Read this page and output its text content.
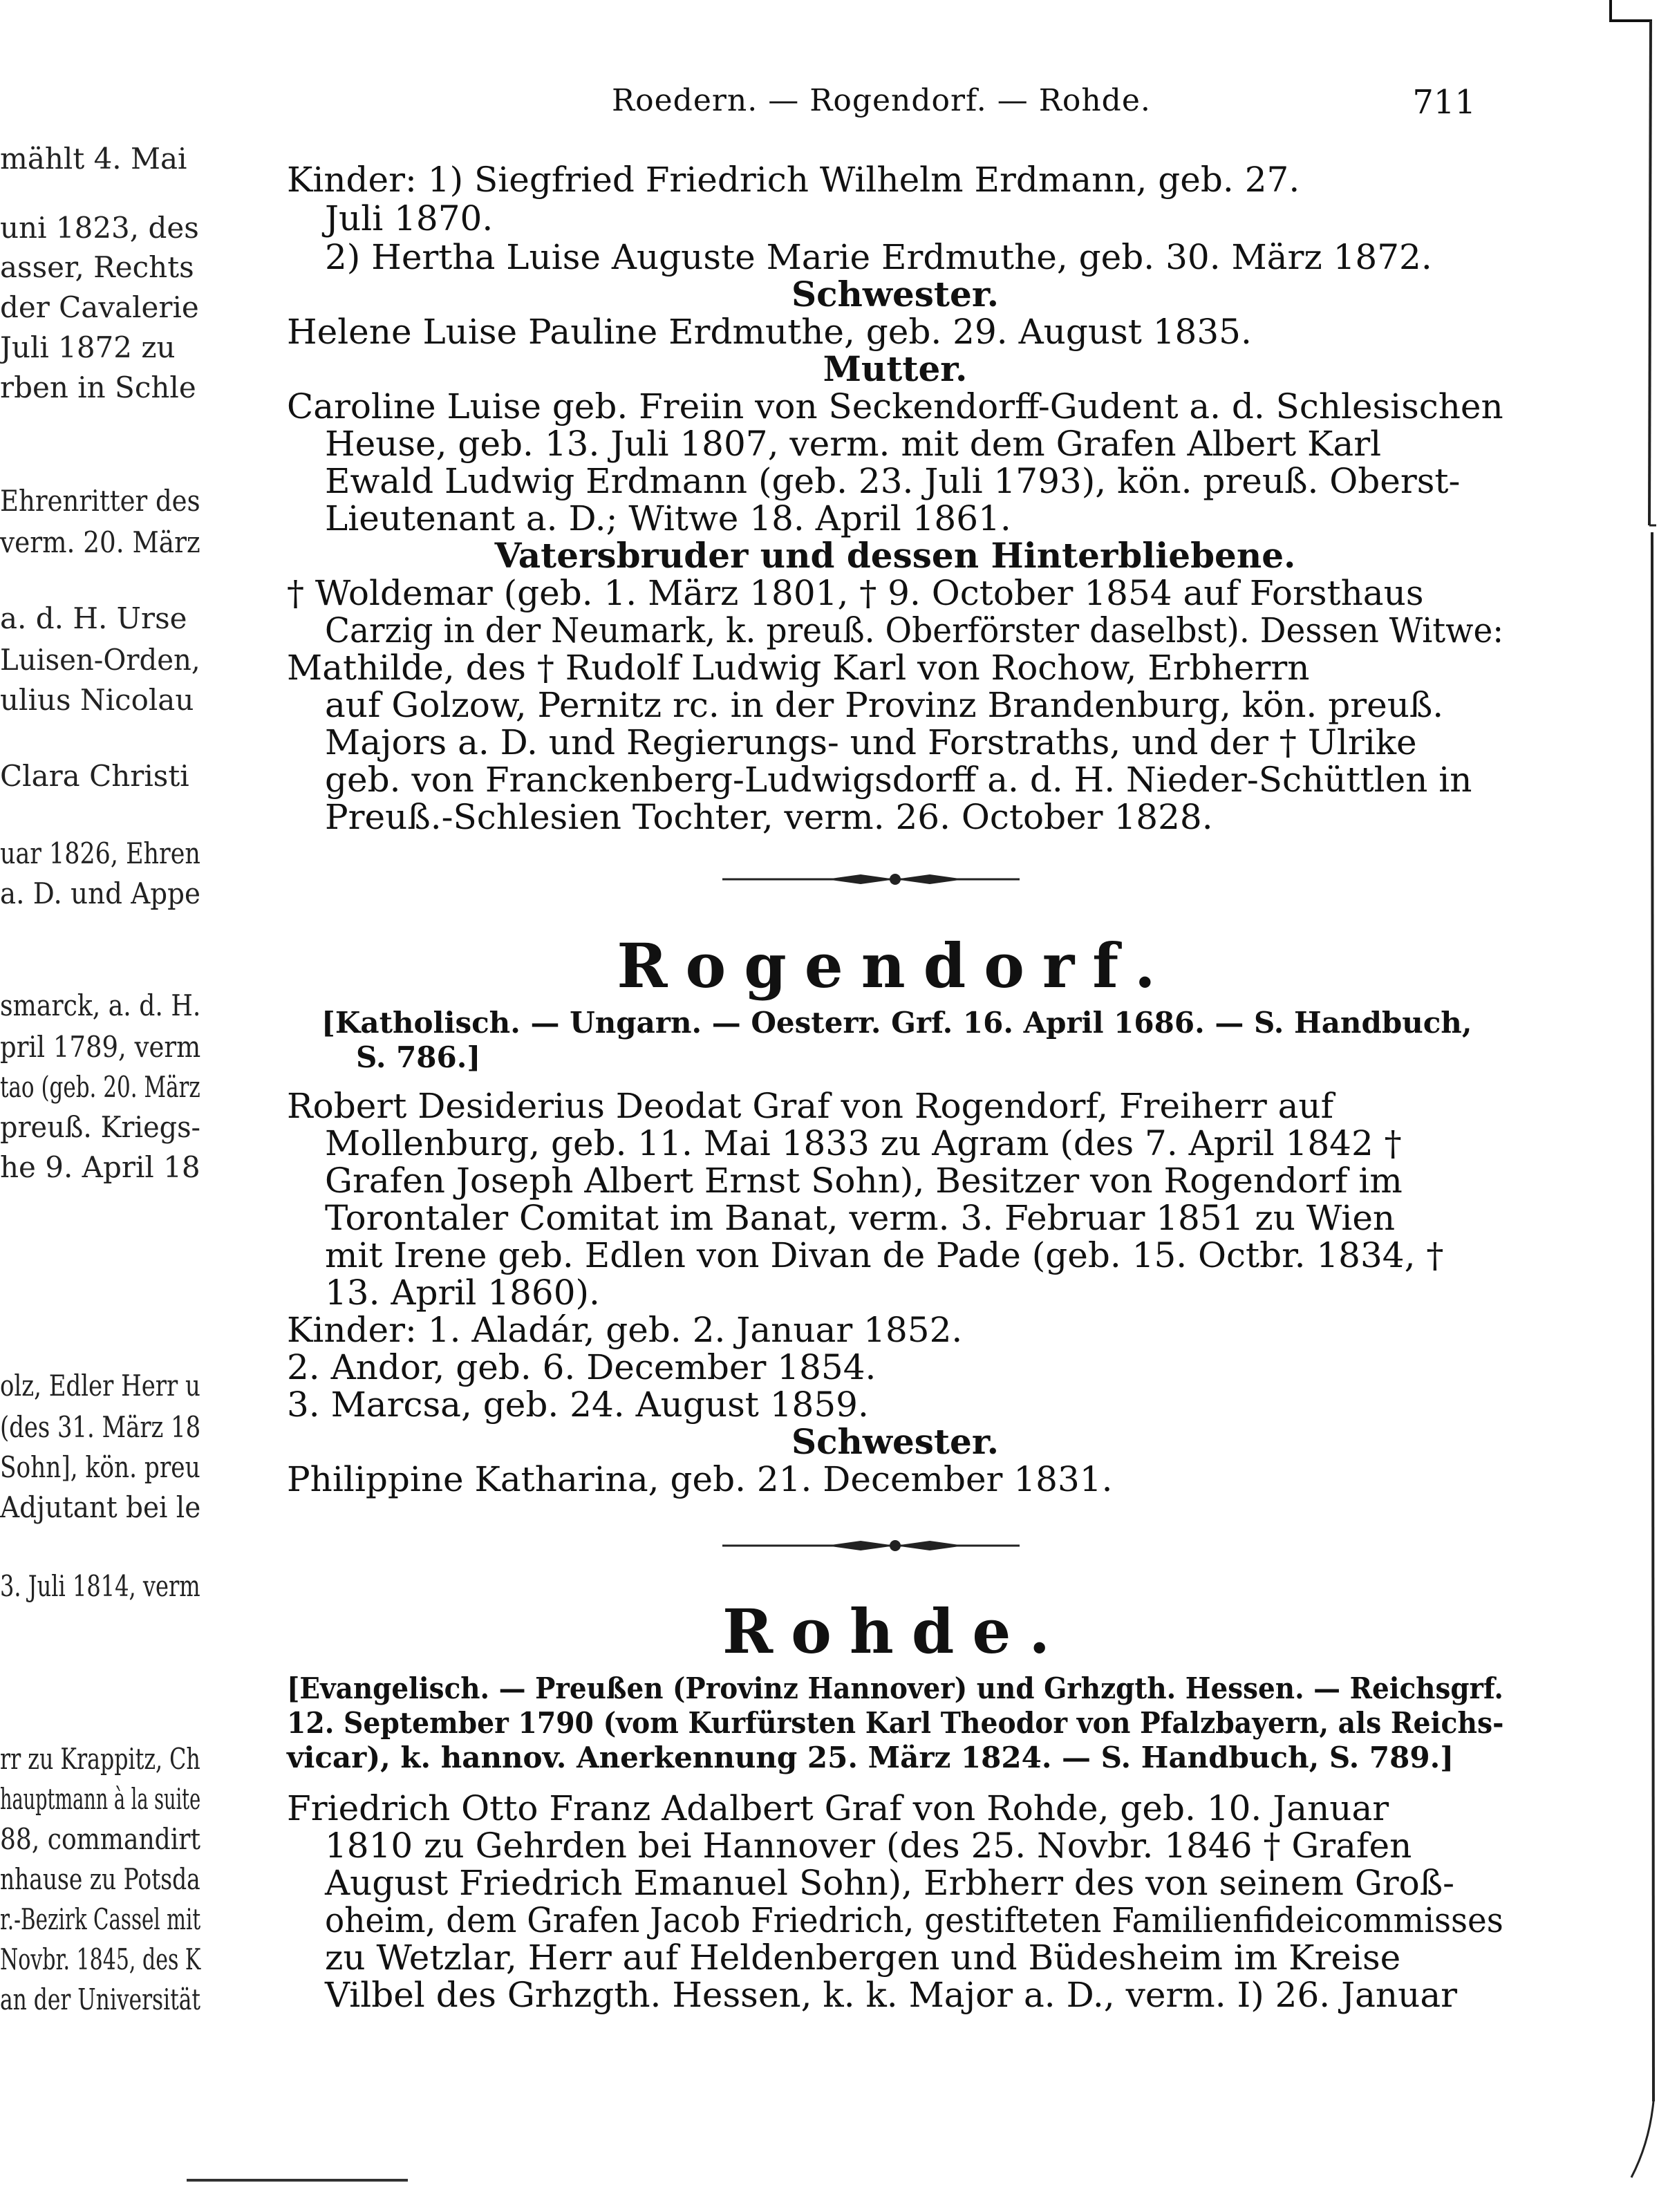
mählt 4. Mai
uni 1823, des
asser, Rechts
der Cavalerie
Juli 1872 zu
rben in Schle
Ehrenritter des
verm. 20. März
a. d. H. Urse
Luisen-Orden,
ulius Nicolau
Clara Christi
uar 1826, Ehren
a. D. und Appe
smarck, a. d. H.
pril 1789, verm
tao (geb. 20. März
preuß. Kriegs-
he 9. April 18
olz, Edler Herr u
(des 31. März 18
Sohn], kön. preu
Adjutant bei le
3. Juli 1814, verm
rr zu Krappitz, Ch
hauptmann à la suite
88, commandirt
nhause zu Potsda
r.-Bezirk Cassel mit
Novbr. 1845, des K
an der Universität
Roedern. — Rogendorf. — Rohde.	711
Kinder: 1) Siegfried Friedrich Wilhelm Erdmann, geb. 27.
Juli 1870.
2) Hertha Luise Auguste Marie Erdmuthe, geb. 30. März 1872.
Schwester.
Helene Luise Pauline Erdmuthe, geb. 29. August 1835.
Mutter.
Caroline Luise geb. Freiin von Seckendorff-Gudent a. d. Schlesischen
Heuse, geb. 13. Juli 1807, verm. mit dem Grafen Albert Karl
Ewald Ludwig Erdmann (geb. 23. Juli 1793), kön. preuß. Oberst-
Lieutenant a. D.; Witwe 18. April 1861.
Vatersbruder und dessen Hinterbliebene.
† Woldemar (geb. 1. März 1801, † 9. October 1854 auf Forsthaus
Carzig in der Neumark, k. preuß. Oberförster daselbst). Dessen Witwe:
Mathilde, des † Rudolf Ludwig Karl von Rochow, Erbherrn
auf Golzow, Pernitz rc. in der Provinz Brandenburg, kön. preuß.
Majors a. D. und Regierungs- und Forstraths, und der † Ulrike
geb. von Franckenberg-Ludwigsdorff a. d. H. Nieder-Schüttlen in
Preuß.-Schlesien Tochter, verm. 26. October 1828.
Rogendorf.
[Katholisch. — Ungarn. — Oesterr. Grf. 16. April 1686. — S. Handbuch,
S. 786.]
Robert Desiderius Deodat Graf von Rogendorf, Freiherr auf
Mollenburg, geb. 11. Mai 1833 zu Agram (des 7. April 1842 †
Grafen Joseph Albert Ernst Sohn), Besitzer von Rogendorf im
Torontaler Comitat im Banat, verm. 3. Februar 1851 zu Wien
mit Irene geb. Edlen von Divan de Pade (geb. 15. Octbr. 1834, †
13. April 1860).
Kinder: 1. Aladár, geb. 2. Januar 1852.
2. Andor, geb. 6. December 1854.
3. Marcsa, geb. 24. August 1859.
Schwester.
Philippine Katharina, geb. 21. December 1831.
Rohde.
[Evangelisch. — Preußen (Provinz Hannover) und Grhzgth. Hessen. — Reichsgrf.
12. September 1790 (vom Kurfürsten Karl Theodor von Pfalzbayern, als Reichs-
vicar), k. hannov. Anerkennung 25. März 1824. — S. Handbuch, S. 789.]
Friedrich Otto Franz Adalbert Graf von Rohde, geb. 10. Januar
1810 zu Gehrden bei Hannover (des 25. Novbr. 1846 † Grafen
August Friedrich Emanuel Sohn), Erbherr des von seinem Groß-
oheim, dem Grafen Jacob Friedrich, gestifteten Familienfideicommisses
zu Wetzlar, Herr auf Heldenbergen und Büdesheim im Kreise
Vilbel des Grhzgth. Hessen, k. k. Major a. D., verm. I) 26. Januar
